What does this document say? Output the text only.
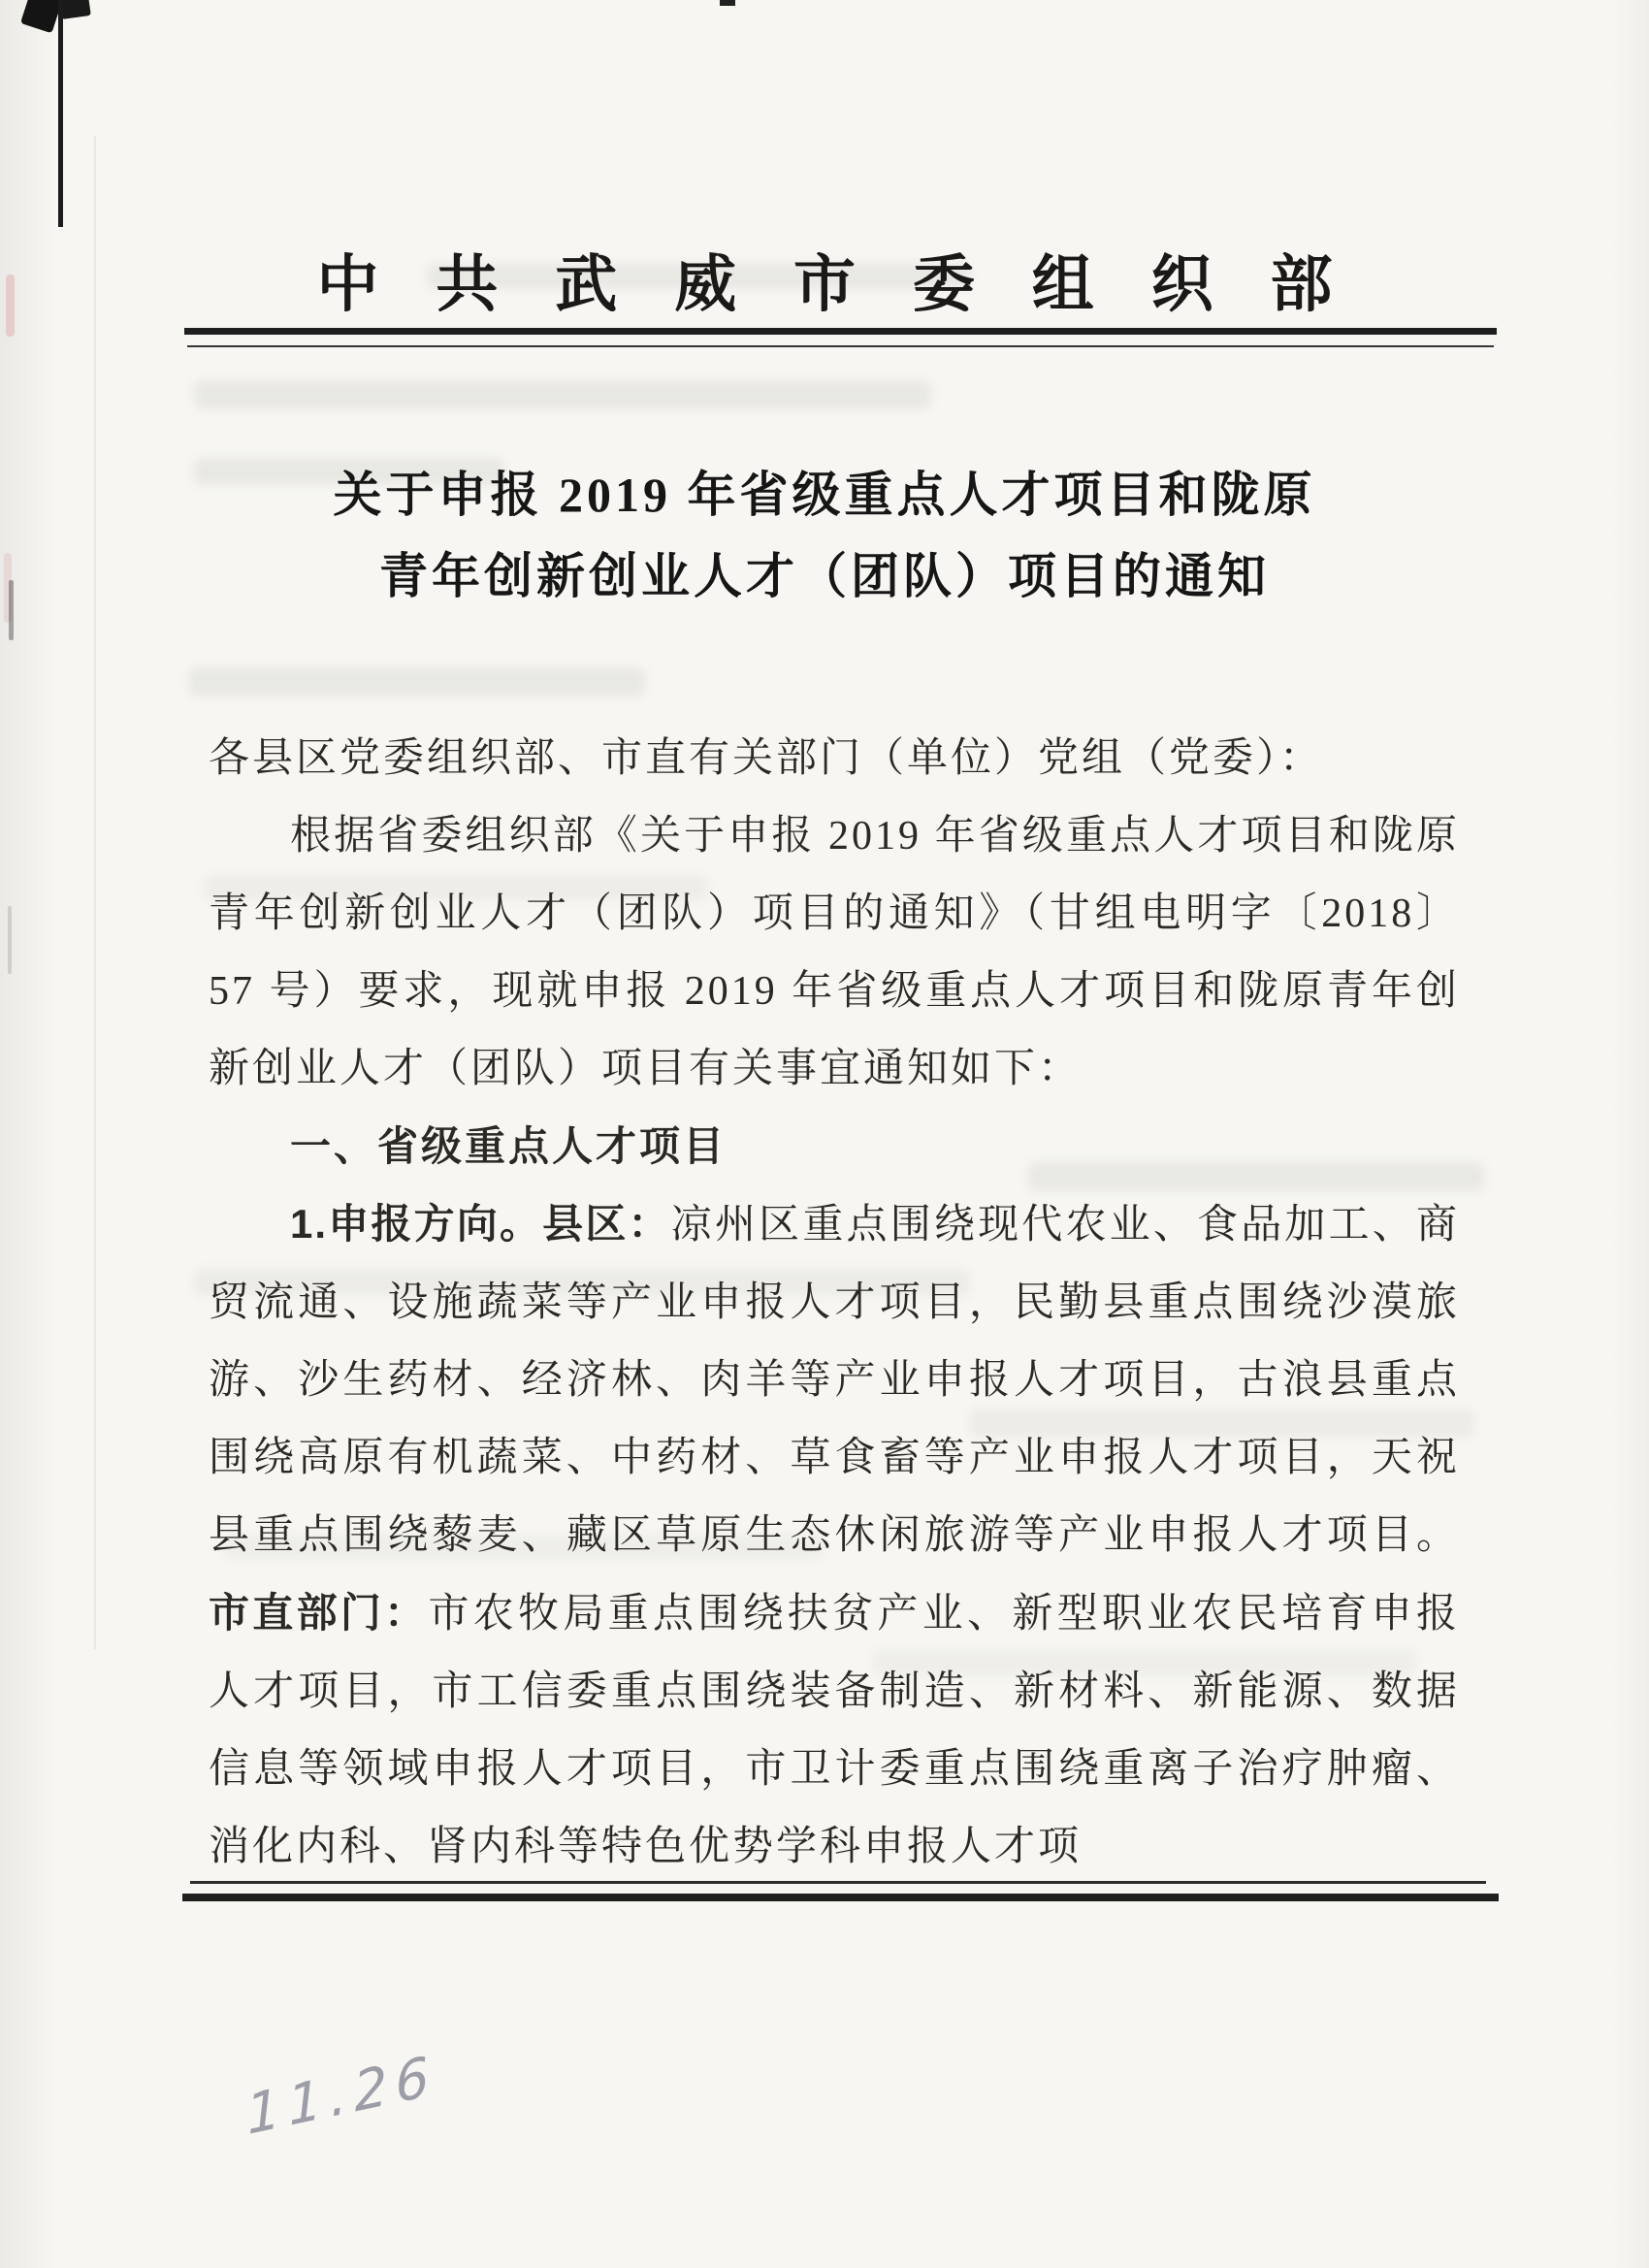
中共武威市委组织部
关于申报 2019 年省级重点人才项目和陇原
青年创新创业人才（团队）项目的通知

各县区党委组织部、市直有关部门（单位）党组（党委）：

根据省委组织部《关于申报 2019 年省级重点人才项目和陇原青年创新创业人才（团队）项目的通知》（甘组电明字〔2018〕57 号）要求，现就申报 2019 年省级重点人才项目和陇原青年创新创业人才（团队）项目有关事宜通知如下：

一、省级重点人才项目

1.申报方向。县区：凉州区重点围绕现代农业、食品加工、商贸流通、设施蔬菜等产业申报人才项目，民勤县重点围绕沙漠旅游、沙生药材、经济林、肉羊等产业申报人才项目，古浪县重点围绕高原有机蔬菜、中药材、草食畜等产业申报人才项目，天祝县重点围绕藜麦、藏区草原生态休闲旅游等产业申报人才项目。市直部门：市农牧局重点围绕扶贫产业、新型职业农民培育申报人才项目，市工信委重点围绕装备制造、新材料、新能源、数据信息等领域申报人才项目，市卫计委重点围绕重离子治疗肿瘤、消化内科、肾内科等特色优势学科申报人才项

11.26
